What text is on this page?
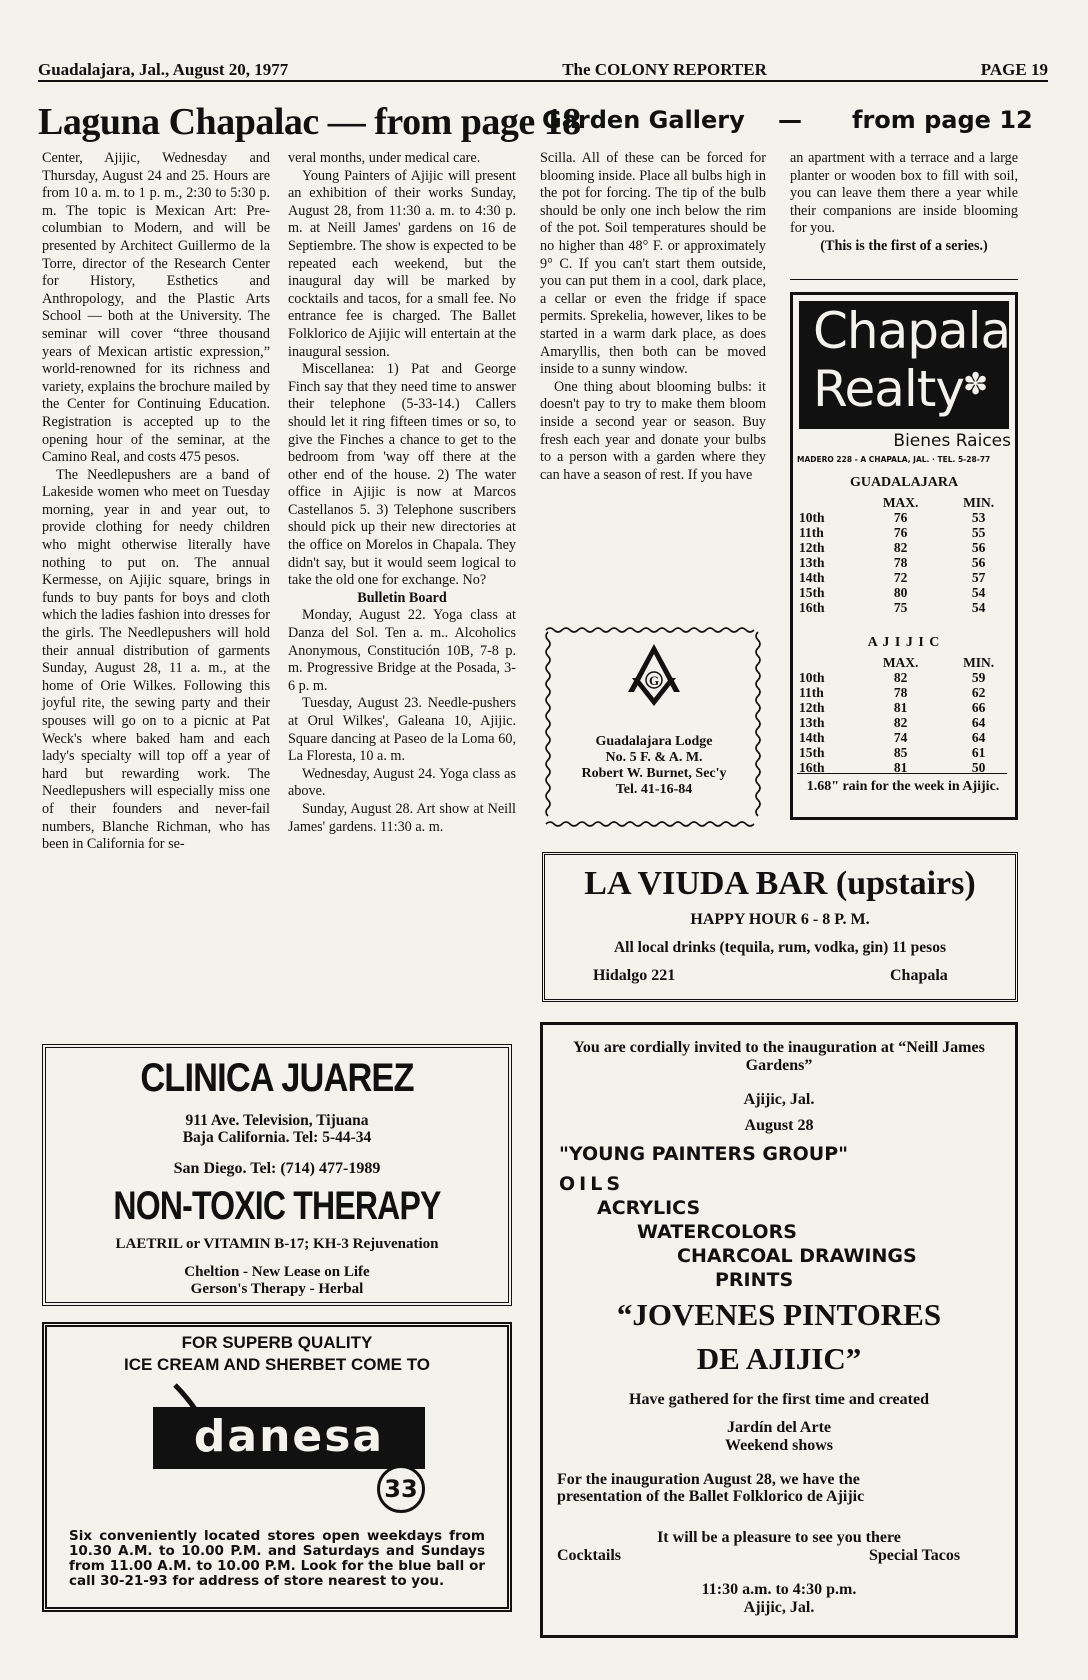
Guadalajara, Jal., August 20, 1977	The COLONY REPORTER	PAGE 19
Laguna Chapalac — from page 18

Center, Ajijic, Wednesday and Thursday, August 24 and 25. Hours are from 10 a. m. to 1 p. m., 2:30 to 5:30 p. m. The topic is Mexican Art: Pre-columbian to Modern, and will be presented by Architect Guillermo de la Torre, director of the Research Center for History, Esthetics and Anthropology, and the Plastic Arts School — both at the University. The seminar will cover “three thousand years of Mexican artistic expression,” world-renowned for its richness and variety, explains the brochure mailed by the Center for Continuing Education. Registration is accepted up to the opening hour of the seminar, at the Camino Real, and costs 475 pesos.

The Needlepushers are a band of Lakeside women who meet on Tuesday morning, year in and year out, to provide clothing for needy children who might otherwise literally have nothing to put on. The annual Kermesse, on Ajijic square, brings in funds to buy pants for boys and cloth which the ladies fashion into dresses for the girls. The Needlepushers will hold their annual distribution of garments Sunday, August 28, 11 a. m., at the home of Orie Wilkes. Following this joyful rite, the sewing party and their spouses will go on to a picnic at Pat Weck's where baked ham and each lady's specialty will top off a year of hard but rewarding work. The Needlepushers will especially miss one of their founders and never-fail numbers, Blanche Richman, who has been in California for se-

veral months, under medical care.

Young Painters of Ajijic will present an exhibition of their works Sunday, August 28, from 11:30 a. m. to 4:30 p. m. at Neill James' gardens on 16 de Septiembre. The show is expected to be repeated each weekend, but the inaugural day will be marked by cocktails and tacos, for a small fee. No entrance fee is charged. The Ballet Folklorico de Ajijic will entertain at the inaugural session.

Miscellanea: 1) Pat and George Finch say that they need time to answer their telephone (5-33-14.) Callers should let it ring fifteen times or so, to give the Finches a chance to get to the bedroom from 'way off there at the other end of the house. 2) The water office in Ajijic is now at Marcos Castellanos 5. 3) Telephone suscribers should pick up their new directories at the office on Morelos in Chapala. They didn't say, but it would seem logical to take the old one for exchange. No?

Bulletin Board

Monday, August 22. Yoga class at Danza del Sol. Ten a. m.. Alcoholics Anonymous, Constitución 10B, 7-8 p. m. Progressive Bridge at the Posada, 3-6 p. m.

Tuesday, August 23. Needle-pushers at Orul Wilkes', Galeana 10, Ajijic. Square dancing at Paseo de la Loma 60, La Floresta, 10 a. m.

Wednesday, August 24. Yoga class as above.

Sunday, August 28. Art show at Neill James' gardens. 11:30 a. m.

Garden Gallery — from page 12

Scilla. All of these can be forced for blooming inside. Place all bulbs high in the pot for forcing. The tip of the bulb should be only one inch below the rim of the pot. Soil temperatures should be no higher than 48° F. or approximately 9° C. If you can't start them outside, you can put them in a cool, dark place, a cellar or even the fridge if space permits. Sprekelia, however, likes to be started in a warm dark place, as does Amaryllis, then both can be moved inside to a sunny window.

One thing about blooming bulbs: it doesn't pay to try to make them bloom inside a second year or season. Buy fresh each year and donate your bulbs to a person with a garden where they can have a season of rest. If you have

an apartment with a terrace and a large planter or wooden box to fill with soil, you can leave them there a year while their companions are inside blooming for you.

(This is the first of a series.)

G
Guadalajara Lodge
No. 5 F. & A. M.
Robert W. Burnet, Sec'y
Tel. 41-16-84
Chapala
Realty ✽
Bienes Raices
MADERO 228 - A CHAPALA, JAL. · TEL. 5-28-77
GUADALAJARA
	MAX.	MIN.
10th	76	53
11th	76	55
12th	82	56
13th	78	56
14th	72	57
15th	80	54
16th	75	54
A J I J I C
	MAX.	MIN.
10th	82	59
11th	78	62
12th	81	66
13th	82	64
14th	74	64
15th	85	61
16th	81	50
1.68" rain for the week in Ajijic.
LA VIUDA BAR (upstairs)
HAPPY HOUR 6 - 8 P. M.
All local drinks (tequila, rum, vodka, gin) 11 pesos
Hidalgo 221	Chapala
CLINICA JUAREZ
911 Ave. Television, Tijuana
Baja California. Tel: 5-44-34
San Diego. Tel: (714) 477-1989
NON-TOXIC THERAPY
LAETRIL or VITAMIN B-17; KH-3 Rejuvenation
Cheltion - New Lease on Life
Gerson's Therapy - Herbal
FOR SUPERB QUALITY
ICE CREAM AND SHERBET COME TO
danesa
33
Six conveniently located stores open weekdays from 10.30 A.M. to 10.00 P.M. and Saturdays and Sundays from 11.00 A.M. to 10.00 P.M. Look for the blue ball or call 30-21-93 for address of store nearest to you.
You are cordially invited to the inauguration at “Neill James Gardens”
Ajijic, Jal.
August 28
"YOUNG PAINTERS GROUP"
OILS
ACRYLICS
WATERCOLORS
CHARCOAL DRAWINGS
PRINTS
“JOVENES PINTORES
DE AJIJIC”
Have gathered for the first time and created
Jardín del Arte
Weekend shows
For the inauguration August 28, we have the presentation of the Ballet Folklorico de Ajijic
It will be a pleasure to see you there
Cocktails	Special Tacos
11:30 a.m. to 4:30 p.m.
Ajijic, Jal.
